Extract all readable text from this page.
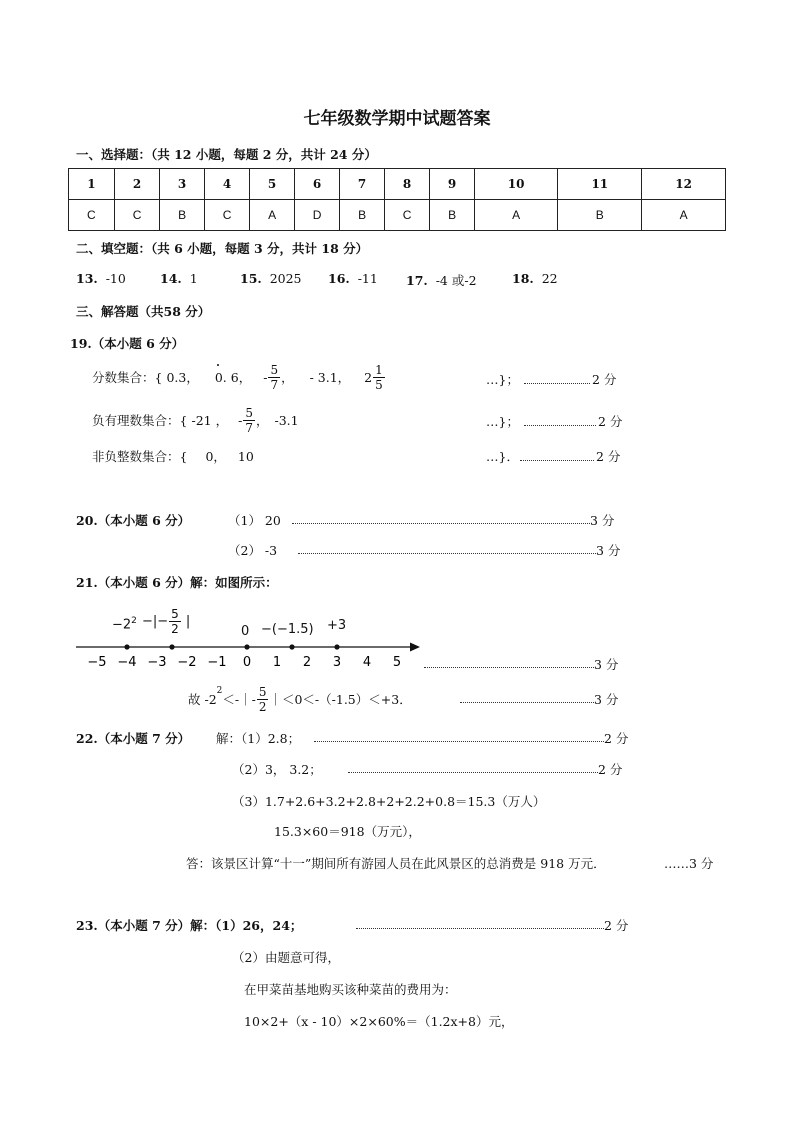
七年级数学期中试题答案
一、选择题：（共 12 小题，每题 2 分，共计 24 分）
1	2	3	4	5	6	7	8	9	10	11	12
C	C	B	C	A	D	B	C	B	A	B	A
二、填空题：（共 6 小题，每题 3 分，共计 18 分）
13. -10	14. 1	15. 2025 16. -11 17. -4 或-2	18. 22
三、解答题（共58 分）
19.（本小题 6 分）
分数集合：{ 0.3， 0. 6， - $\frac{5}{7}$ ， - 3.1， $2 \frac{1}{5}$	…}；	2 分
负有理数集合：{ -21 ， - $\frac{5}{7}$ ， -3.1	…}；	2 分
非负整数集合：{ 0， 10	…}．	2 分
20.（本小题 6 分）	（1） 20	3 分
（2） -3	3 分
21.（本小题 6 分）解：如图所示：
−5 −4 −3 −2 −1 0 1 2 3 4 5
$-2^2$ −|− $\frac{5}{2}$ |
0 −(−1.5) +3
3 分
故 -2
$^2$
＜-｜- $\frac{5}{2}$ ｜＜0＜-（-1.5）＜+3．	3 分
22.（本小题 7 分） 解：（1）2.8；	2 分
（2）3， 3.2；	2 分
（3）1.7+2.6+3.2+2.8+2+2.2+0.8＝15.3（万人）
15.3×60＝918（万元），
答：该景区计算“十一”期间所有游园人员在此风景区的总消费是 918 万元．	……3 分
23.（本小题 7 分）解：（1）26，24；	2 分
（2）由题意可得，
在甲菜苗基地购买该种菜苗的费用为：
10×2+（x - 10）×2×60%＝（1.2x+8）元，
